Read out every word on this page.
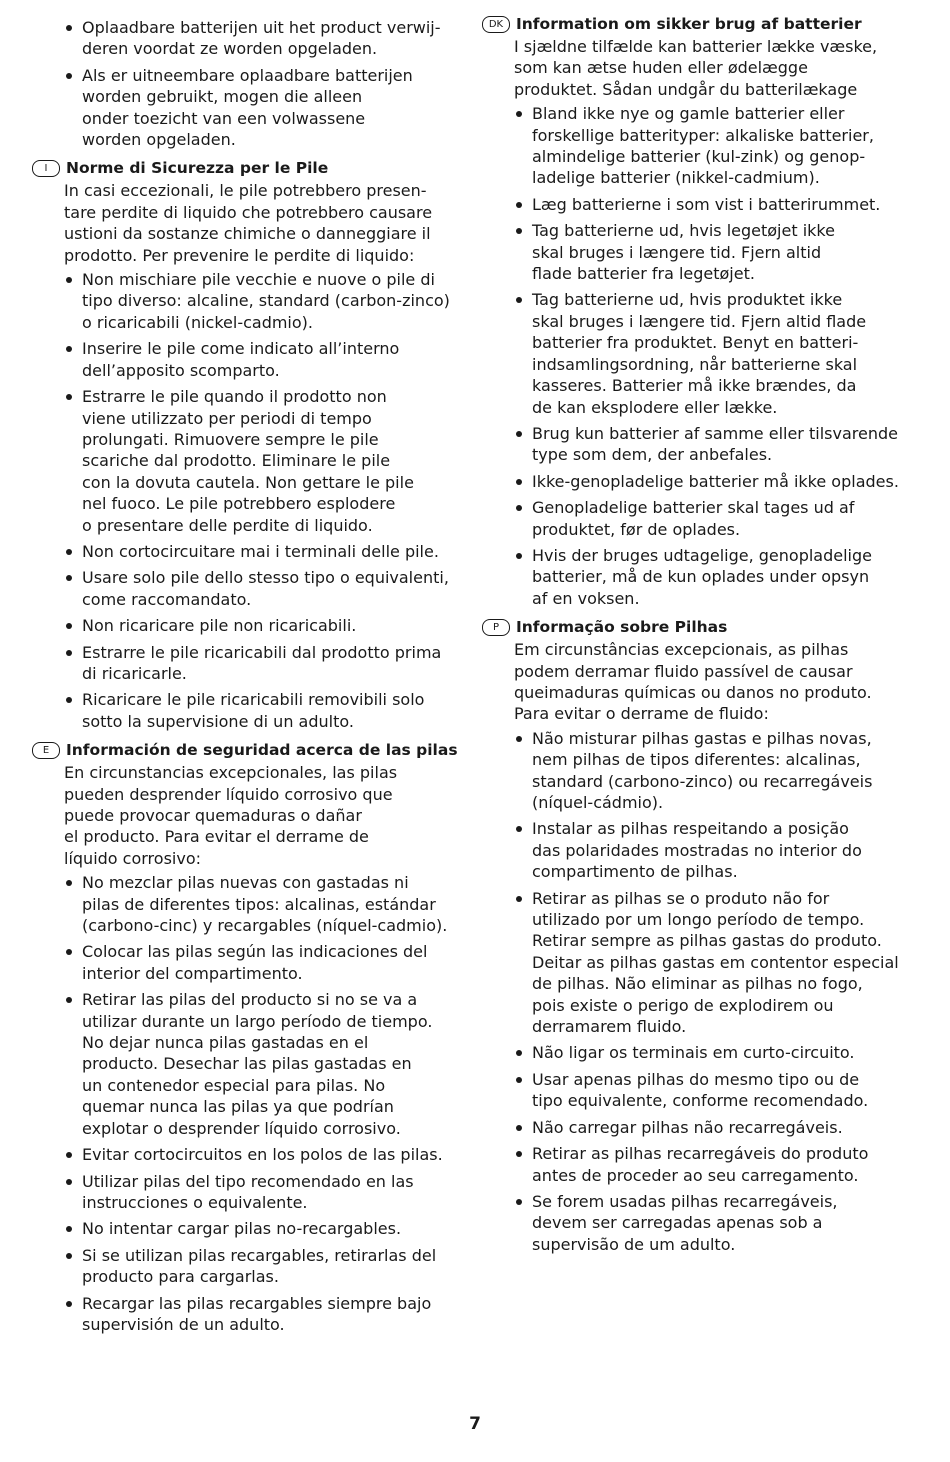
Oplaadbare batterijen uit het product verwij-
deren voordat ze worden opgeladen.
Als er uitneembare oplaadbare batterijen
worden gebruikt, mogen die alleen
onder toezicht van een volwassene
worden opgeladen.
I	Norme di Sicurezza per le Pile
In casi eccezionali, le pile potrebbero presen-
tare perdite di liquido che potrebbero causare
ustioni da sostanze chimiche o danneggiare il
prodotto. Per prevenire le perdite di liquido:
Non mischiare pile vecchie e nuove o pile di
tipo diverso: alcaline, standard (carbon-zinco)
o ricaricabili (nickel-cadmio).
Inserire le pile come indicato all’interno
dell’apposito scomparto.
Estrarre le pile quando il prodotto non
viene utilizzato per periodi di tempo
prolungati. Rimuovere sempre le pile
scariche dal prodotto. Eliminare le pile
con la dovuta cautela. Non gettare le pile
nel fuoco. Le pile potrebbero esplodere
o presentare delle perdite di liquido.
Non cortocircuitare mai i terminali delle pile.
Usare solo pile dello stesso tipo o equivalenti,
come raccomandato.
Non ricaricare pile non ricaricabili.
Estrarre le pile ricaricabili dal prodotto prima
di ricaricarle.
Ricaricare le pile ricaricabili removibili solo
sotto la supervisione di un adulto.
E	Información de seguridad acerca de las pilas
En circunstancias excepcionales, las pilas
pueden desprender líquido corrosivo que
puede provocar quemaduras o dañar
el producto. Para evitar el derrame de
líquido corrosivo:
No mezclar pilas nuevas con gastadas ni
pilas de diferentes tipos: alcalinas, estándar
(carbono-cinc) y recargables (níquel-cadmio).
Colocar las pilas según las indicaciones del
interior del compartimento.
Retirar las pilas del producto si no se va a
utilizar durante un largo período de tiempo.
No dejar nunca pilas gastadas en el
producto. Desechar las pilas gastadas en
un contenedor especial para pilas. No
quemar nunca las pilas ya que podrían
explotar o desprender líquido corrosivo.
Evitar cortocircuitos en los polos de las pilas.
Utilizar pilas del tipo recomendado en las
instrucciones o equivalente.
No intentar cargar pilas no-recargables.
Si se utilizan pilas recargables, retirarlas del
producto para cargarlas.
Recargar las pilas recargables siempre bajo
supervisión de un adulto.
DK Information om sikker brug af batterier
I sjældne tilfælde kan batterier lække væske,
som kan ætse huden eller ødelægge
produktet. Sådan undgår du batterilækage
Bland ikke nye og gamle batterier eller
forskellige batterityper: alkaliske batterier,
almindelige batterier (kul-zink) og genop-
ladelige batterier (nikkel-cadmium).
Læg batterierne i som vist i batterirummet.
Tag batterierne ud, hvis legetøjet ikke
skal bruges i længere tid. Fjern altid
flade batterier fra legetøjet.
Tag batterierne ud, hvis produktet ikke
skal bruges i længere tid. Fjern altid flade
batterier fra produktet. Benyt en batteri-
indsamlingsordning, når batterierne skal
kasseres. Batterier må ikke brændes, da
de kan eksplodere eller lække.
Brug kun batterier af samme eller tilsvarende
type som dem, der anbefales.
Ikke-genopladelige batterier må ikke oplades.
Genopladelige batterier skal tages ud af
produktet, før de oplades.
Hvis der bruges udtagelige, genopladelige
batterier, må de kun oplades under opsyn
af en voksen.
P	Informação sobre Pilhas
Em circunstâncias excepcionais, as pilhas
podem derramar fluido passível de causar
queimaduras químicas ou danos no produto.
Para evitar o derrame de fluido:
Não misturar pilhas gastas e pilhas novas,
nem pilhas de tipos diferentes: alcalinas,
standard (carbono-zinco) ou recarregáveis
(níquel-cádmio).
Instalar as pilhas respeitando a posição
das polaridades mostradas no interior do
compartimento de pilhas.
Retirar as pilhas se o produto não for
utilizado por um longo período de tempo.
Retirar sempre as pilhas gastas do produto.
Deitar as pilhas gastas em contentor especial
de pilhas. Não eliminar as pilhas no fogo,
pois existe o perigo de explodirem ou
derramarem fluido.
Não ligar os terminais em curto-circuito.
Usar apenas pilhas do mesmo tipo ou de
tipo equivalente, conforme recomendado.
Não carregar pilhas não recarregáveis.
Retirar as pilhas recarregáveis do produto
antes de proceder ao seu carregamento.
Se forem usadas pilhas recarregáveis,
devem ser carregadas apenas sob a
supervisão de um adulto.
7
